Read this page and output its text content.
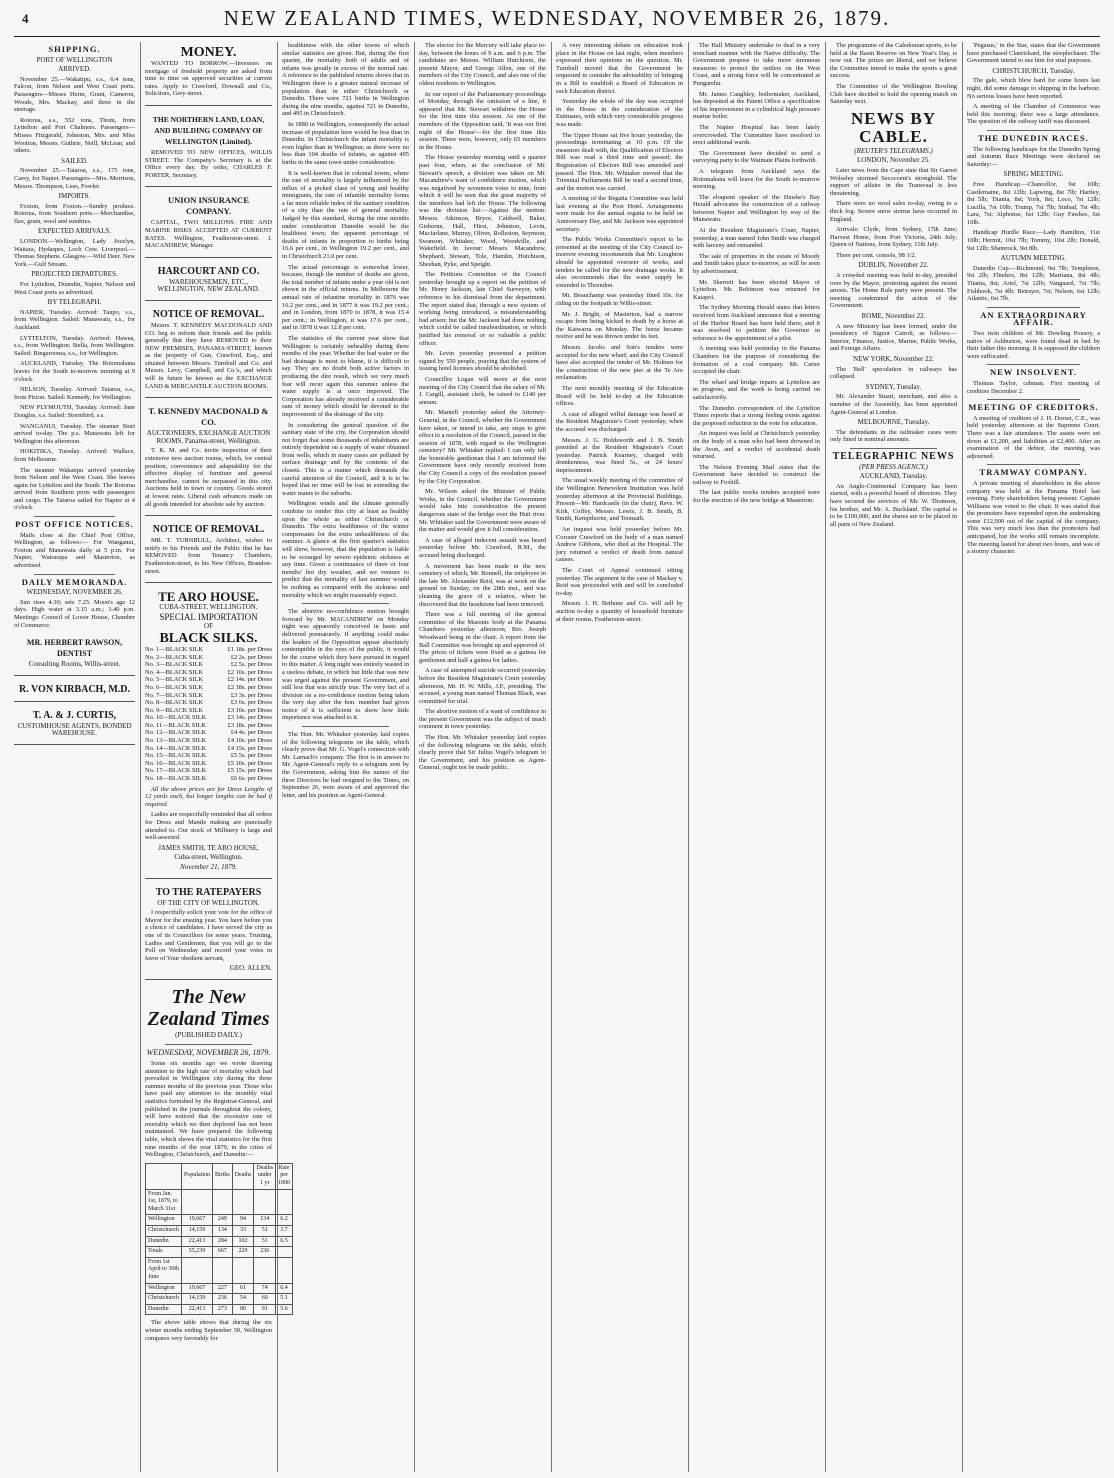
4	NEW ZEALAND TIMES, WEDNESDAY, NOVEMBER 26, 1879.
SHIPPING.
PORT OF WELLINGTON
ARRIVED.

November 25.—Wakatipu, s.s., 6:4 tons, Falcon, from Nelson and West Coast ports. Passengers—Misses Herm, Grant, Cameron, Woods, Mrs. Mackay, and three in the steerage.

Rotorua, s.s., 552 tons, Thom, from Lyttelton and Port Chalmers. Passengers—Misses Fitzgerald, Johnston, Mrs. and Miss Wootton, Messrs. Guthrie, Neill, McLean, and others.

SAILED.

November 25.—Taiaroa, s.s., 175 tons, Carey, for Napier. Passengers—Mrs. Morrison, Messrs. Thompson, Lees, Fowler.

IMPORTS.

Foxton, from Foxton.—Sundry produce. Rotorua, from Southern ports.—Merchandise, flax, grain, wool and sundries.

EXPECTED ARRIVALS.

LONDON.—Wellington, Lady Jocelyn, Waitara, Hydaspes, Loch Cree. Liverpool.—Thomas Stephens. Glasgow.—Wild Deer. New York.—Gulf Stream.

PROJECTED DEPARTURES.

For Lyttelton, Dunedin, Napier, Nelson and West Coast ports as advertised.

BY TELEGRAPH.

NAPIER, Tuesday. Arrived: Taupo, s.s., from Wellington. Sailed: Manawatu, s.s., for Auckland.

LYTTELTON, Tuesday. Arrived: Hawea, s.s., from Wellington; Stella, from Wellington. Sailed: Ringarooma, s.s., for Wellington.

AUCKLAND, Tuesday. The Rotomahana leaves for the South to-morrow morning at 9 o'clock.

NELSON, Tuesday. Arrived: Taiaroa, s.s., from Picton. Sailed: Kennedy, for Wellington.

NEW PLYMOUTH, Tuesday. Arrived: Jane Douglas, s.s. Sailed: Stormbird, s.s.

WANGANUI, Tuesday. The steamer Sturt arrived to-day. The p.s. Manawatu left for Wellington this afternoon.

HOKITIKA, Tuesday. Arrived: Wallace, from Melbourne.

The steamer Wakatipu arrived yesterday from Nelson and the West Coast. She leaves again for Lyttelton and the South. The Rotorua arrived from Southern ports with passengers and cargo. The Taiaroa sailed for Napier at 4 o'clock.

POST OFFICE NOTICES.

Mails close at the Chief Post Office, Wellington, as follows:— For Wanganui, Foxton and Manawatu daily at 5 p.m. For Napier, Wairarapa and Masterton, as advertised.

DAILY MEMORANDA.
WEDNESDAY, NOVEMBER 26.

Sun rises 4.30; sets 7.25. Moon's age 12 days. High water at 3.15 a.m.; 3.40 p.m. Meetings: Council of Lower House, Chamber of Commerce.

MR. HERBERT RAWSON, DENTIST
Consulting Rooms, Willis-street.
R. VON KIRBACH, M.D.
T. A. & J. CURTIS,
CUSTOMHOUSE AGENTS, BONDED WAREHOUSE.
MONEY.

WANTED TO BORROW.—Investors on mortgage of freehold property are asked from time to time on approved securities at current rates. Apply to Crawford, Downall and Co., Solicitors, Grey-street.

THE NORTHERN LAND, LOAN, AND BUILDING COMPANY OF WELLINGTON (Limited).

REMOVED TO NEW OFFICES, WILLIS STREET. The Company's Secretary is at the Office every day. By order, CHARLES F. PORTER, Secretary.

UNION INSURANCE COMPANY.

CAPITAL, TWO MILLIONS. FIRE AND MARINE RISKS ACCEPTED AT CURRENT RATES. Wellington, Featherston-street. J. MACANDREW, Manager.

HARCOURT AND CO.
WAREHOUSEMEN, ETC., WELLINGTON, NEW ZEALAND.
NOTICE OF REMOVAL.

Messrs. T. KENNEDY MACDONALD AND CO. beg to inform their friends and the public generally that they have REMOVED to their NEW PREMISES, PANAMA-STREET, known as the property of Gun, Crawford, Esq., and situated between Messrs. Turnbull and Co. and Messrs. Levy, Campbell, and Co.'s, and which will in future be known as the EXCHANGE LAND & MERCANTILE AUCTION ROOMS.

T. KENNEDY MACDONALD & CO.
AUCTIONEERS, EXCHANGE AUCTION ROOMS, Panama-street, Wellington.

T. K. M. and Co. invite inspection of their extensive new auction rooms, which, for central position, convenience and adaptability for the effective display of furniture and general merchandise, cannot be surpassed in this city. Auctions held in town or country. Goods stored at lowest rates. Liberal cash advances made on all goods intended for absolute sale by auction.

NOTICE OF REMOVAL.

MR. T. TURNBULL, Architect, wishes to notify to his Friends and the Public that he has REMOVED from Tenancy Chambers, Featherston-street, to his New Offices, Brandon-street.

TE ARO HOUSE.
CUBA-STREET, WELLINGTON.
SPECIAL IMPORTATION
OF
BLACK SILKS.
No. 1—BLACK SILK	£1 18s. per Dress
No. 2—BLACK SILK	£2 2s. per Dress
No. 3—BLACK SILK	£2 5s. per Dress
No. 4—BLACK SILK	£2 10s. per Dress
No. 5—BLACK SILK	£2 14s. per Dress
No. 6—BLACK SILK	£2 18s. per Dress
No. 7—BLACK SILK	£3 3s. per Dress
No. 8—BLACK SILK	£3 6s. per Dress
No. 9—BLACK SILK	£3 10s. per Dress
No. 10—BLACK SILK	£3 14s. per Dress
No. 11—BLACK SILK	£3 18s. per Dress
No. 12—BLACK SILK	£4 4s. per Dress
No. 13—BLACK SILK	£4 10s. per Dress
No. 14—BLACK SILK	£4 15s. per Dress
No. 15—BLACK SILK	£5 5s. per Dress
No. 16—BLACK SILK	£5 10s. per Dress
No. 17—BLACK SILK	£5 15s. per Dress
No. 18—BLACK SILK	£6 6s. per Dress

All the above prices are for Dress Lengths of 12 yards each, but longer lengths can be had if required.

Ladies are respectfully reminded that all orders for Dress and Mantle making are punctually attended to. Our stock of Millinery is large and well-assorted.

JAMES SMITH, TE ARO HOUSE,
Cuba-street, Wellington.
November 21, 1879.
TO THE RATEPAYERS
OF THE CITY OF WELLINGTON.

I respectfully solicit your vote for the office of Mayor for the ensuing year. You have before you a choice of candidates. I have served the city as one of its Councillors for some years. Trusting, Ladies and Gentlemen, that you will go to the Poll on Wednesday and record your votes in favor of Your obedient servant,

GEO. ALLEN.
The New Zealand Times
(PUBLISHED DAILY.)
WEDNESDAY, NOVEMBER 26, 1879.

Some six months ago we wrote drawing attention to the high rate of mortality which had prevailed in Wellington city during the three summer months of the previous year. Those who have paid any attention to the monthly vital statistics furnished by the Registrar-General, and published in the journals throughout the colony, will have noticed that the excessive rate of mortality which we then deplored has not been maintained. We have prepared the following table, which shows the vital statistics for the first nine months of the year 1879, in the cities of Wellington, Christchurch, and Dunedin:—

	Population	Births	Deaths	Deaths under 1 yr	Rate per 1000
From Jan. 1st, 1879, to March 31st					
Wellington	19,667	249	94	134	6.2
Christchurch	14,159	134	33	51	3.7
Dunedin	22,413	284	102	51	6.5
Totals	55,239	667	229	236	
From 1st April to 30th June					
Wellington	19,667	227	61	74	6.4
Christchurch	14,159	236	54	60	5.1
Dunedin	22,413	273	80	91	5.6

The above table shows that during the six winter months ending September 30, Wellington compares very favorably for

healthiness with the other towns of which similar statistics are given. But, during the first quarter, the mortality both of adults and of infants was greatly in excess of the normal rate. A reference to the published returns shows that in Wellington there is a greater natural increase of population than in either Christchurch or Dunedin. There were 721 births in Wellington during the nine months, against 721 in Dunedin, and 495 in Christchurch.

In 1880 in Wellington, consequently the actual increase of population here would be less than in Dunedin. In Christchurch the infant mortality is even higher than in Wellington; as there were no less than 104 deaths of infants, as against 495 births in the same town under consideration.

It is well-known that in colonial towns, where the rate of mortality is largely influenced by the influx of a picked class of young and healthy immigrants, the rate of infantile mortality forms a far more reliable index of the sanitary condition of a city than the rate of general mortality. Judged by this standard, during the nine months under consideration Dunedin would be the healthiest town; the apparent percentage of deaths of infants in proportion to births being 16.6 per cent., in Wellington 19.2 per cent., and in Christchurch 21.0 per cent.

The actual percentage is somewhat lower, because, though the number of deaths are given, the total number of infants under a year old is not shown in the official returns. In Melbourne the annual rate of infantine mortality in 1876 was 16.2 per cent., and in 1877 it was 19.2 per cent.; and in London, from 1870 to 1878, it was 15.4 per cent.; in Wellington, it was 17.6 per cent., and in 1878 it was 12.8 per cent.

The statistics of the current year show that Wellington is certainly unhealthy during three months of the year. Whether the bad water or the bad drainage is most to blame, it is difficult to say. They are no doubt both active factors in producing the dire result, which we very much fear will recur again this summer unless the water supply is at once improved. The Corporation has already received a considerable sum of money which should be devoted to the improvement of the drainage of the city.

In considering the general question of the sanitary state of the city, the Corporation should not forget that some thousands of inhabitants are entirely dependent on a supply of water obtained from wells, which in many cases are polluted by surface drainage and by the contents of the closets. This is a matter which demands the careful attention of the Council, and it is to be hoped that no time will be lost in extending the water mains to the suburbs.

Wellington winds and the climate generally combine to render this city at least as healthy upon the whole as either Christchurch or Dunedin. The extra healthiness of the winter compensates for the extra unhealthiness of the summer. A glance at the first quarter's statistics will show, however, that the population is liable to be scourged by severe epidemic sickness at any time. Given a continuance of three or four months' hot dry weather, and we venture to predict that the mortality of last summer would be nothing as compared with the sickness and mortality which we might reasonably expect.

The abortive no-confidence motion brought forward by Mr. MACANDREW on Monday night was apparently conceived in haste and delivered prematurely. If anything could make the leaders of the Opposition appear absolutely contemptible in the eyes of the public, it would be the course which they have pursued in regard to this matter. A long night was entirely wasted in a useless debate, in which but little that was new was urged against the present Government, and still less that was strictly true. The very fact of a division on a no-confidence motion being taken the very day after the hon. member had given notice of it is sufficient to show how little importance was attached to it.

The Hon. Mr. Whitaker yesterday laid copies of the following telegrams on the table, which clearly prove that Mr. G. Vogel's connection with Mr. Larnach's company. The first is in answer to Mr. Agent-General's reply to a telegram sent by the Government, asking him the names of the three Directors he had resigned to the Times, on September 26, were aware of and approved the letter, and his position as Agent-General.

The elector for the Mercury will take place to-day, between the hours of 9 a.m. and 6 p.m. The candidates are Messrs. William Hutchison, the present Mayor, and George Allen, one of the members of the City Council, and also one of the oldest residents in Wellington.

In our report of the Parliamentary proceedings of Monday, through the omission of a line, it appeared that Mr. Stewart withdrew the House for the first time this session. As one of the members of the Opposition said, 'It was our first night of the House'—for the first time this session. There were, however, only 65 members in the House.

The House yesterday morning until a quarter past four, when, at the conclusion of Mr. Stewart's speech, a division was taken on Mr. Macandrew's want of confidence motion, which was negatived by seventeen votes to nine, from which it will be seen that the great majority of the members had left the House. The following was the division list:—Against the motion: Messrs. Atkinson, Bryce, Caldwell, Baker, Gisborne, Hall, Hirst, Johnston, Levin, Macfarlane, Murray, Oliver, Rolleston, Seymour, Swanson, Whitaker, Wood, Woodville, and Wakefield. In favour: Messrs. Macandrew, Shephard, Stewart, Tole, Hamlin, Hutchison, Sheehan, Pyke, and Speight.

The Petitions Committee of the Council yesterday brought up a report on the petition of Mr. Henry Jackson, late Chief Surveyor, with reference to his dismissal from the department. The report stated that, through a new system of working being introduced, a misunderstanding had arisen; but the Mr. Jackson had done nothing which could be called insubordination, or which justified his removal or so valuable a public officer.

Mr. Levin yesterday presented a petition signed by 550 people, praying that the system of issuing hotel licenses should be abolished.

Councillor Logan will move at the next meeting of the City Council that the salary of Mr. J. Cargill, assistant clerk, be raised to £140 per annum.

Mr. Mantell yesterday asked the Attorney-General, in the Council, whether the Government have taken, or intend to take, any steps to give effect to a resolution of the Council, passed in the session of 1878, with regard to the Wellington cemetery? Mr. Whitaker replied: I can only tell the honorable gentleman that I am informed the Government have only recently received from the City Council a copy of the resolution passed by the City Corporation.

Mr. Wilson asked the Minister of Public Works, in the Council, whether the Government would take into consideration the present dangerous state of the bridge over the Hutt river. Mr. Whitaker said the Government were aware of the matter and would give it full consideration.

A case of alleged indecent assault was heard yesterday before Mr. Crawford, R.M., the accused being discharged.

A movement has been made in the new cemetery of which, Mr. Bonnell, the employee in the late Mr. Alexander Reid, was at work on the ground on Sunday, on the 28th inst., and was cleaning the grave of a relative, when he discovered that the headstone had been removed.

There was a full meeting of the general committee of the Masonic body at the Panama Chambers yesterday afternoon, Bro. Joseph Woodward being in the chair. A report from the Ball Committee was brought up and approved of. The prices of tickets were fixed as a guinea for gentlemen and half a guinea for ladies.

A case of attempted suicide occurred yesterday before the Resident Magistrate's Court yesterday afternoon, Mr. H. W. Mills, J.P., presiding. The accused, a young man named Thomas Black, was committed for trial.

The abortive motion of a want of confidence in the present Government was the subject of much comment in town yesterday.

The Hon. Mr. Whitaker yesterday laid copies of the following telegrams on the table, which clearly prove that Sir Julius Vogel's telegram to the Government, and his position as Agent-General, ought not be made public.

A very interesting debate on education took place in the House on last night, when members expressed their opinions on the question. Mr. Turnbull moved that the Government be requested to consider the advisability of bringing in a Bill to establish a Board of Education in each Education district.

Yesterday the whole of the day was occupied in the House in the consideration of the Estimates, with which very considerable progress was made.

The Upper House sat five hours yesterday, the proceedings terminating at 10 p.m. Of the measures dealt with, the Qualification of Electors Bill was read a third time and passed; the Registration of Electors Bill was amended and passed. The Hon. Mr. Whitaker moved that the Triennial Parliaments Bill be read a second time, and the motion was carried.

A meeting of the Regatta Committee was held last evening at the Post Hotel. Arrangements were made for the annual regatta to be held on Anniversary Day, and Mr. Jackson was appointed secretary.

The Public Works Committee's report to be presented at the meeting of the City Council to-morrow evening recommends that Mr. Loughton should be appointed overseer of works, and tenders be called for the new drainage works. It also recommends that the water supply be extended to Thorndon.

Mr. Beauchamp was yesterday fined 10s. for riding on the footpath in Willis-street.

Mr. J. Bright, of Masterton, had a narrow escape from being kicked to death by a horse at the Kaiwarra on Monday. The horse became restive and he was thrown under its feet.

Messrs. Jacobs and Son's tenders were accepted for the new wharf; and the City Council have also accepted the tender of Mr. Holmes for the construction of the new pier at the Te Aro reclamation.

The next monthly meeting of the Education Board will be held to-day at the Education offices.

A case of alleged wilful damage was heard at the Resident Magistrate's Court yesterday, when the accused was discharged.

Messrs. J. G. Holdsworth and J. B. Smith presided at the Resident Magistrate's Court yesterday. Patrick Kearney, charged with drunkenness, was fined 5s., or 24 hours' imprisonment.

The usual weekly meeting of the committee of the Wellington Benevolent Institution was held yesterday afternoon at the Provincial Buildings. Present—Mr. Hardcastle (in the chair), Revs. W. Kirk, Coffey, Messrs. Lewis, J. B. Smith, B. Smith, Kempthorne, and Toomath.

An inquest was held yesterday before Mr. Coroner Crawford on the body of a man named Andrew Gibbons, who died at the Hospital. The jury returned a verdict of death from natural causes.

The Court of Appeal continued sitting yesterday. The argument in the case of Mackay v. Reid was proceeded with and will be concluded to-day.

Messrs. J. H. Bethune and Co. will sell by auction to-day a quantity of household furniture at their rooms, Featherston-street.

The Hall Ministry undertake to deal in a very trenchant manner with the Native difficulty. The Government propose to take more strenuous measures to protect the settlers on the West Coast, and a strong force will be concentrated at Pungarehu.

Mr. James Caughley, boilermaker, Auckland, has deposited at the Patent Office a specification of his improvement in a cylindrical high pressure marine boiler.

The Napier Hospital has been lately overcrowded. The Committee have resolved to erect additional wards.

The Government have decided to send a surveying party to the Waimate Plains forthwith.

A telegram from Auckland says the Rotomahana will leave for the South to-morrow morning.

The eloquent speaker of the Hawke's Bay Herald advocates the construction of a railway between Napier and Wellington by way of the Manawatu.

At the Resident Magistrate's Court, Napier, yesterday, a man named John Smith was charged with larceny and remanded.

The sale of properties in the estate of Moody and Smith takes place to-morrow, as will be seen by advertisement.

Mr. Skerrett has been elected Mayor of Lyttelton. Mr. Robinson was returned for Kaiapoi.

The Sydney Morning Herald states that letters received from Auckland announce that a meeting of the Harbor Board has been held there, and it was resolved to petition the Governor in reference to the appointment of a pilot.

A meeting was held yesterday in the Panama Chambers for the purpose of considering the formation of a coal company. Mr. Carter occupied the chair.

The wharf and bridge repairs at Lyttelton are in progress, and the work is being carried on satisfactorily.

The Dunedin correspondent of the Lyttelton Times reports that a strong feeling exists against the proposed reduction in the vote for education.

An inquest was held at Christchurch yesterday on the body of a man who had been drowned in the Avon, and a verdict of accidental death returned.

The Nelson Evening Mail states that the Government have decided to construct the railway to Foxhill.

The last public works tenders accepted were for the erection of the new bridge at Masterton.

The programme of the Caledonian sports, to be held at the Basin Reserve on New Year's Day, is now out. The prizes are liberal, and we believe the Committee intend to make the sports a great success.

The Committee of the Wellington Bowling Club have decided to hold the opening match on Saturday next.

NEWS BY CABLE.
(REUTER'S TELEGRAMS.)
LONDON, November 25.

Later news from the Cape state that Sir Garnet Wolseley stormed Secocoeni's stronghold. The support of affairs in the Transvaal is less threatening.

There were no wool sales to-day, owing to a thick fog. Severe snow storms have occurred in England.

Arrivals: Clyde, from Sydney, 17th June; Harvest Home, from Port Victoria, 24th July; Queen of Nations, from Sydney, 11th July.

Three per cent. consols, 98 1/2.

DUBLIN, November 22.

A crowded meeting was held to-day, presided over by the Mayor, protesting against the recent arrests. The Home Rule party were present. The meeting condemned the action of the Government.

ROME, November 22.

A new Ministry has been formed, under the presidency of Signor Cairoli, as follows:—Interior, Finance, Justice, Marine, Public Works, and Foreign Affairs.

NEW YORK, November 22.

The 'Bell' speculation in railways has collapsed.

SYDNEY, Tuesday.

Mr. Alexander Stuart, merchant, and also a member of the Assembly, has been appointed Agent-General at London.

MELBOURNE, Tuesday.

The defendants in the tailmaker cases were only fined in nominal amounts.

TELEGRAPHIC NEWS
(PER PRESS AGENCY.)
AUCKLAND, Tuesday.

An Anglo-Continental Company has been started, with a powerful board of directors. They have secured the services of Mr. W. Thomson, his brother, and Mr. A. Buckland. The capital is to be £100,000, and the shares are to be placed in all parts of New Zealand.

'Pegasus,' in the Star, states that the Government have purchased Clanrickard, the steeplechaser. The Government intend to use him for stud purposes.

CHRISTCHURCH, Tuesday.

The gale, which blew hard for some hours last night, did some damage to shipping in the harbour. No serious losses have been reported.

A meeting of the Chamber of Commerce was held this morning; there was a large attendance. The question of the railway tariff was discussed.

THE DUNEDIN RACES.

The following handicaps for the Dunedin Spring and Autumn Race Meetings were declared on Saturday:—

SPRING MEETING.

Free Handicap.—Chancellor, 9st 10lb; Castlemaine, 8st 12lb; Lapwing, 8st 7lb; Hartley, 8st 5lb; Titania, 8st; York, 8st; Loco, 7st 12lb; Lucilla, 7st 10lb; Trump, 7st 7lb; Sinbad, 7st 4lb; Lara, 7st; Alphonse, 6st 12lb; Guy Fawkes, 6st 10lb.

Handicap Hurdle Race.—Lady Hamilton, 11st 10lb; Hermit, 10st 7lb; Tommy, 10st 2lb; Donald, 9st 12lb; Shamrock, 9st 8lb.

AUTUMN MEETING.

Dunedin Cup.—Richmond, 9st 7lb; Templeton, 9st 2lb; Flinders, 8st 12lb; Maritana, 8st 4lb; Titania, 8st; Ariel, 7st 12lb; Vanguard, 7st 7lb; Fishhook, 7st 4lb; Betrayer, 7st; Nelson, 6st 12lb; Atlantic, 6st 7lb.

AN EXTRAORDINARY AFFAIR.

Two twin children of Mr. Dowling Ponsoy, a native of Ashburton, were found dead in bed by their father this morning. It is supposed the children were suffocated.

NEW INSOLVENT.

Thomas Taylor, cabman. First meeting of creditors December 2.

MEETING OF CREDITORS.

A meeting of creditors of J. H. Dorset, C.E., was held yesterday afternoon at the Supreme Court. There was a fair attendance. The assets were set down at £1,200, and liabilities at £2,400. After an examination of the debtor, the meeting was adjourned.

TRAMWAY COMPANY.

A private meeting of shareholders in the above company was held at the Panama Hotel last evening. Forty shareholders being present. Captain Williams was voted to the chair. It was stated that the promoters have expended upon the undertaking some £12,000 out of the capital of the company. This was very much less than the promoters had anticipated, but the works still remain incomplete. The meeting lasted for about two hours, and was of a stormy character.
